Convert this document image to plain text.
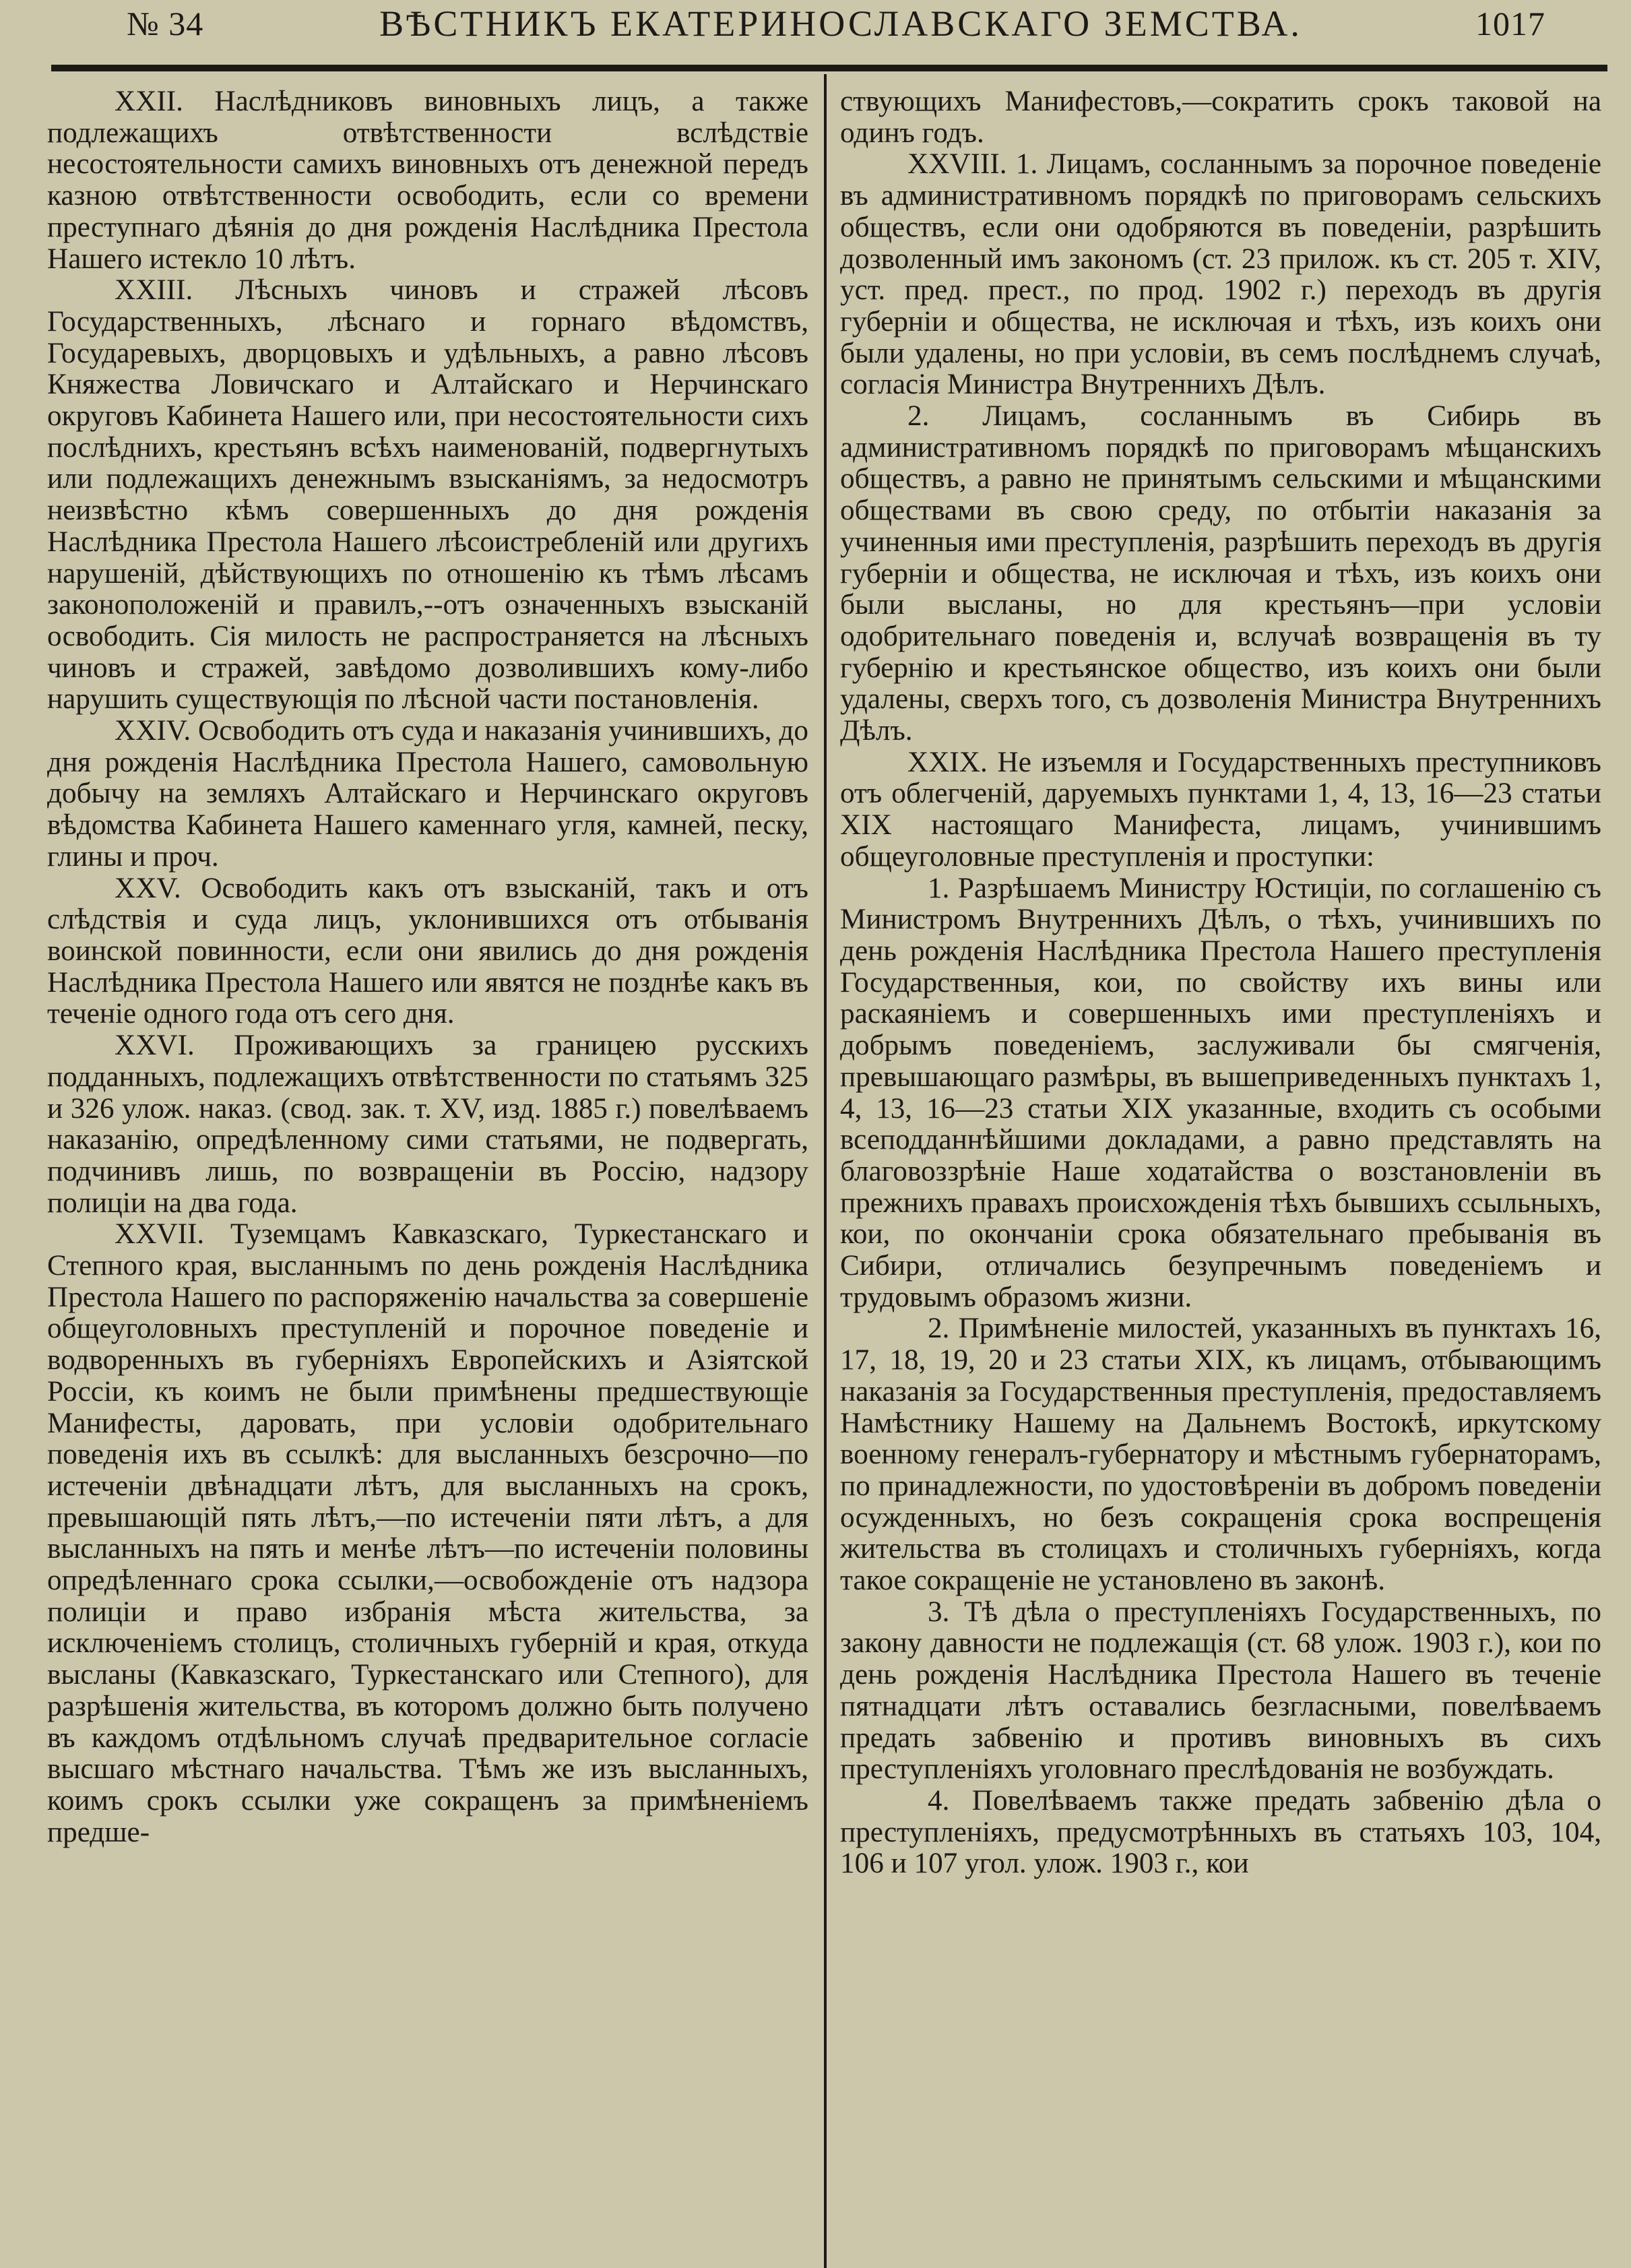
№ 34	ВѢСТНИКЪ ЕКАТЕРИНОСЛАВСКАГО ЗЕМСТВА.	1017

XXII. Наслѣдниковъ виновныхъ лицъ, а также подлежащихъ отвѣтственности вслѣдствіе несостоятельности самихъ виновныхъ отъ денежной передъ казною отвѣтственности освободить, если со времени преступнаго дѣянія до дня рожденія Наслѣдника Престола Нашего истекло 10 лѣтъ.

XXIII. Лѣсныхъ чиновъ и стражей лѣсовъ Государственныхъ, лѣснаго и горнаго вѣдомствъ, Государевыхъ, дворцовыхъ и удѣльныхъ, а равно лѣсовъ Княжества Ловичскаго и Алтайскаго и Нерчинскаго округовъ Кабинета Нашего или, при несостоятельности сихъ послѣднихъ, крестьянъ всѣхъ наименованій, подвергнутыхъ или подлежащихъ денежнымъ взысканіямъ, за недосмотръ неизвѣстно кѣмъ совершенныхъ до дня рожденія Наслѣдника Престола Нашего лѣсоистребленій или другихъ нарушеній, дѣйствующихъ по отношенію къ тѣмъ лѣсамъ законоположеній и правилъ,--отъ означенныхъ взысканій освободить. Сія милость не распространяется на лѣсныхъ чиновъ и стражей, завѣдомо дозволившихъ кому-либо нарушить существующія по лѣсной части постановленія.

XXIV. Освободить отъ суда и наказанія учинившихъ, до дня рожденія Наслѣдника Престола Нашего, самовольную добычу на земляхъ Алтайскаго и Нерчинскаго округовъ вѣдомства Кабинета Нашего каменнаго угля, камней, песку, глины и проч.

XXV. Освободить какъ отъ взысканій, такъ и отъ слѣдствія и суда лицъ, уклонившихся отъ отбыванія воинской повинности, если они явились до дня рожденія Наслѣдника Престола Нашего или явятся не позднѣе какъ въ теченіе одного года отъ сего дня.

XXVI. Проживающихъ за границею русскихъ подданныхъ, подлежащихъ отвѣтственности по статьямъ 325 и 326 улож. наказ. (свод. зак. т. XV, изд. 1885 г.) повелѣваемъ наказанію, опредѣленному сими статьями, не подвергать, подчинивъ лишь, по возвращеніи въ Россію, надзору полиціи на два года.

XXVII. Туземцамъ Кавказскаго, Туркестанскаго и Степного края, высланнымъ по день рожденія Наслѣдника Престола Нашего по распоряженію начальства за совершеніе общеуголовныхъ преступленій и порочное поведеніе и водворенныхъ въ губерніяхъ Европейскихъ и Азіятской Россіи, къ коимъ не были примѣнены предшествующіе Манифесты, даровать, при условіи одобрительнаго поведенія ихъ въ ссылкѣ: для высланныхъ безсрочно—по истеченіи двѣнадцати лѣтъ, для высланныхъ на срокъ, превышающій пять лѣтъ,—по истеченіи пяти лѣтъ, а для высланныхъ на пять и менѣе лѣтъ—по истеченіи половины опредѣленнаго срока ссылки,—освобожденіе отъ надзора полиціи и право избранія мѣста жительства, за исключеніемъ столицъ, столичныхъ губерній и края, откуда высланы (Кавказскаго, Туркестанскаго или Степного), для разрѣшенія жительства, въ которомъ должно быть получено въ каждомъ отдѣльномъ случаѣ предварительное согласіе высшаго мѣстнаго начальства. Тѣмъ же изъ высланныхъ, коимъ срокъ ссылки уже сокращенъ за примѣненіемъ предше-

ствующихъ Манифестовъ,—сократить срокъ таковой на одинъ годъ.

XXVIII. 1. Лицамъ, сосланнымъ за порочное поведеніе въ административномъ порядкѣ по приговорамъ сельскихъ обществъ, если они одобряются въ поведеніи, разрѣшить дозволенный имъ закономъ (ст. 23 прилож. къ ст. 205 т. XIV, уст. пред. прест., по прод. 1902 г.) переходъ въ другія губерніи и общества, не исключая и тѣхъ, изъ коихъ они были удалены, но при условіи, въ семъ послѣднемъ случаѣ, согласія Министра Внутреннихъ Дѣлъ.

2. Лицамъ, сосланнымъ въ Сибирь въ административномъ порядкѣ по приговорамъ мѣщанскихъ обществъ, а равно не принятымъ сельскими и мѣщанскими обществами въ свою среду, по отбытіи наказанія за учиненныя ими преступленія, разрѣшить переходъ въ другія губерніи и общества, не исключая и тѣхъ, изъ коихъ они были высланы, но для крестьянъ—при условіи одобрительнаго поведенія и, вслучаѣ возвращенія въ ту губернію и крестьянское общество, изъ коихъ они были удалены, сверхъ того, съ дозволенія Министра Внутреннихъ Дѣлъ.

XXIX. Не изъемля и Государственныхъ преступниковъ отъ облегченій, даруемыхъ пунктами 1, 4, 13, 16—23 статьи XIX настоящаго Манифеста, лицамъ, учинившимъ общеуголовные преступленія и проступки:

1. Разрѣшаемъ Министру Юстиціи, по соглашенію съ Министромъ Внутреннихъ Дѣлъ, о тѣхъ, учинившихъ по день рожденія Наслѣдника Престола Нашего преступленія Государственныя, кои, по свойству ихъ вины или раскаяніемъ и совершенныхъ ими преступленіяхъ и добрымъ поведеніемъ, заслуживали бы смягченія, превышающаго размѣры, въ вышеприведенныхъ пунктахъ 1, 4, 13, 16—23 статьи XIX указанные, входить съ особыми всеподданнѣйшими докладами, а равно представлять на благовоззрѣніе Наше ходатайства о возстановленіи въ прежнихъ правахъ происхожденія тѣхъ бывшихъ ссыльныхъ, кои, по окончаніи срока обязательнаго пребыванія въ Сибири, отличались безупречнымъ поведеніемъ и трудовымъ образомъ жизни.

2. Примѣненіе милостей, указанныхъ въ пунктахъ 16, 17, 18, 19, 20 и 23 статьи XIX, къ лицамъ, отбывающимъ наказанія за Государственныя преступленія, предоставляемъ Намѣстнику Нашему на Дальнемъ Востокѣ, иркутскому военному генералъ-губернатору и мѣстнымъ губернаторамъ, по принадлежности, по удостовѣреніи въ добромъ поведеніи осужденныхъ, но безъ сокращенія срока воспрещенія жительства въ столицахъ и столичныхъ губерніяхъ, когда такое сокращеніе не установлено въ законѣ.

3. Тѣ дѣла о преступленіяхъ Государственныхъ, по закону давности не подлежащія (ст. 68 улож. 1903 г.), кои по день рожденія Наслѣдника Престола Нашего въ теченіе пятнадцати лѣтъ оставались безгласными, повелѣваемъ предать забвенію и противъ виновныхъ въ сихъ преступленіяхъ уголовнаго преслѣдованія не возбуждать.

4. Повелѣваемъ также предать забвенію дѣла о преступленіяхъ, предусмотрѣнныхъ въ статьяхъ 103, 104, 106 и 107 угол. улож. 1903 г., кои
